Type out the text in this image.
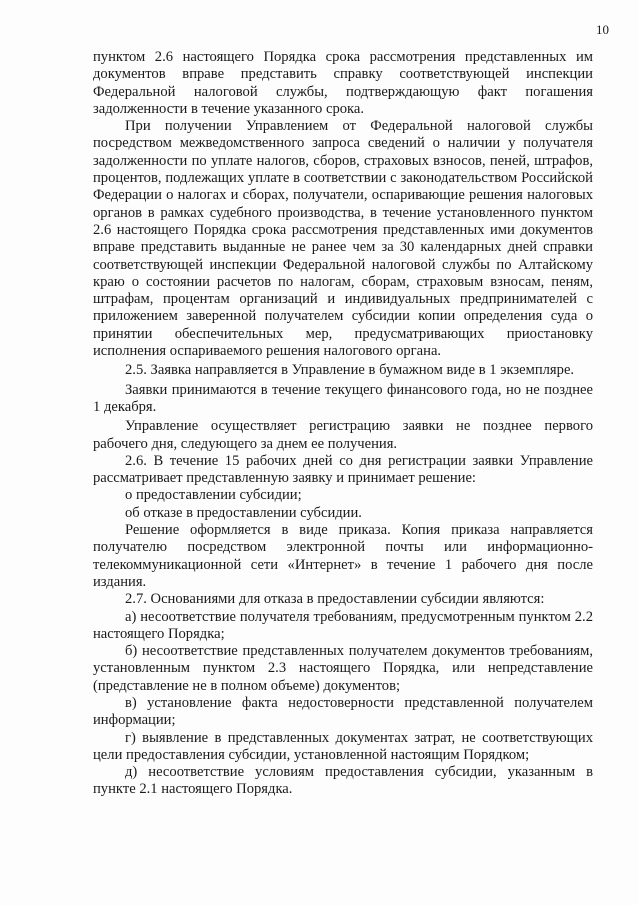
10

пунктом 2.6 настоящего Порядка срока рассмотрения представленных им документов вправе представить справку соответствующей инспекции Федеральной налоговой службы, подтверждающую факт погашения задолженности в течение указанного срока.

При получении Управлением от Федеральной налоговой службы посредством межведомственного запроса сведений о наличии у получателя задолженности по уплате налогов, сборов, страховых взносов, пеней, штрафов, процентов, подлежащих уплате в соответствии с законодательством Российской Федерации о налогах и сборах, получатели, оспаривающие решения налоговых органов в рамках судебного производства, в течение установленного пунктом 2.6 настоящего Порядка срока рассмотрения представленных ими документов вправе представить выданные не ранее чем за 30 календарных дней справки соответствующей инспекции Федеральной налоговой службы по Алтайскому краю о состоянии расчетов по налогам, сборам, страховым взносам, пеням, штрафам, процентам организаций и индивидуальных предпринимателей с приложением заверенной получателем субсидии копии определения суда о принятии обеспечительных мер, предусматривающих приостановку исполнения оспариваемого решения налогового органа.

2.5. Заявка направляется в Управление в бумажном виде в 1 экземпляре.

Заявки принимаются в течение текущего финансового года, но не позднее 1 декабря.

Управление осуществляет регистрацию заявки не позднее первого рабочего дня, следующего за днем ее получения.

2.6. В течение 15 рабочих дней со дня регистрации заявки Управление рассматривает представленную заявку и принимает решение:

о предоставлении субсидии;

об отказе в предоставлении субсидии.

Решение оформляется в виде приказа. Копия приказа направляется получателю посредством электронной почты или информационно-телекоммуникационной сети «Интернет» в течение 1 рабочего дня после издания.

2.7. Основаниями для отказа в предоставлении субсидии являются:

а) несоответствие получателя требованиям, предусмотренным пунктом 2.2 настоящего Порядка;

б) несоответствие представленных получателем документов требованиям, установленным пунктом 2.3 настоящего Порядка, или непредставление (представление не в полном объеме) документов;

в) установление факта недостоверности представленной получателем информации;

г) выявление в представленных документах затрат, не соответствующих цели предоставления субсидии, установленной настоящим Порядком;

д) несоответствие условиям предоставления субсидии, указанным в пункте 2.1 настоящего Порядка.
